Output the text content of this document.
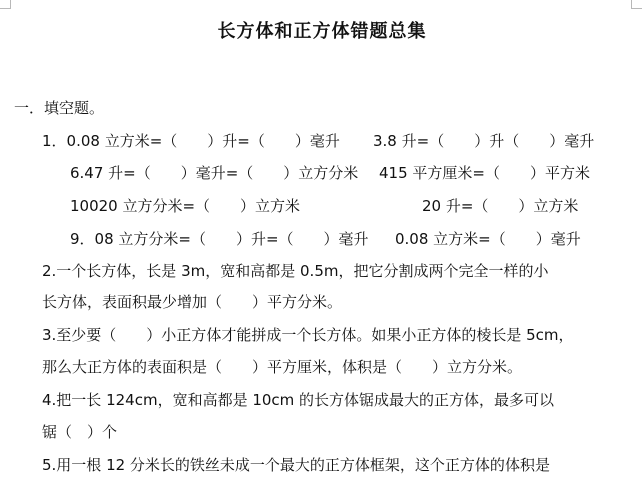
长方体和正方体错题总集
一．填空题。
1．0.08 立方米=（　　）升=（　　）毫升 3.8 升=（　　）升（　　）毫升
6.47 升=（　　）毫升=（　　）立方分米 415 平方厘米=（　　）平方米
10020 立方分米=（　　）立方米	20 升=（　　）立方米
9．08 立方分米=（　　）升=（　　）毫升 0.08 立方米=（　　）毫升
2.一个长方体，长是 3m，宽和高都是 0.5m，把它分割成两个完全一样的小
长方体，表面积最少增加（　　）平方分米。
3.至少要（　　）小正方体才能拼成一个长方体。如果小正方体的棱长是 5cm，
那么大正方体的表面积是（　　）平方厘米，体积是（　　）立方分米。
4.把一长 124cm，宽和高都是 10cm 的长方体锯成最大的正方体，最多可以
锯（　）个
5.用一根 12 分米长的铁丝未成一个最大的正方体框架，这个正方体的体积是
